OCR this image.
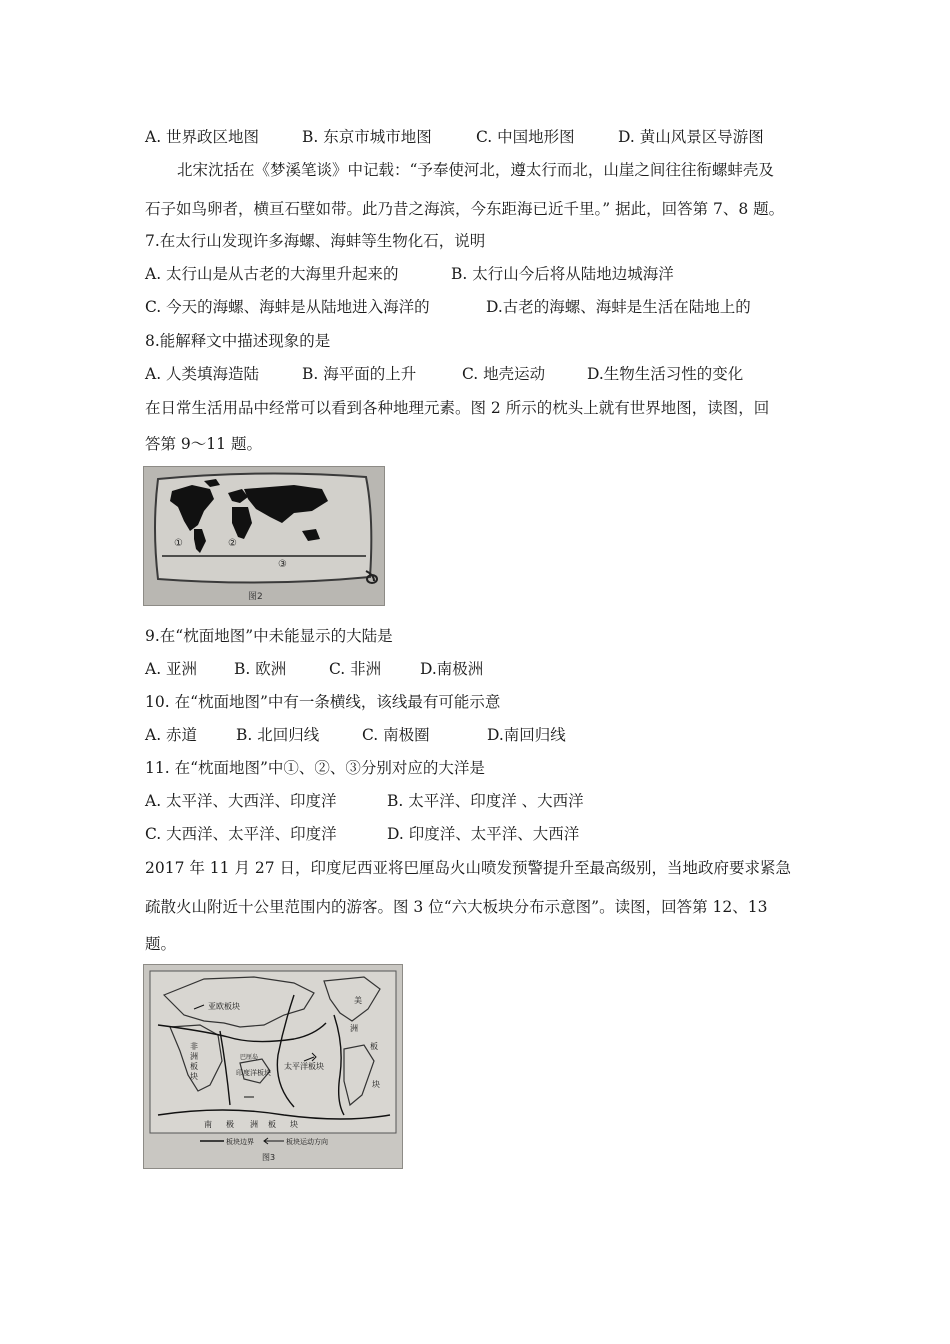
A. 世界政区地图	B. 东京市城市地图	C. 中国地形图	D. 黄山风景区导游图
北宋沈括在《梦溪笔谈》中记载：“予奉使河北，遵太行而北，山崖之间往往衔螺蚌壳及
石子如鸟卵者，横亘石壁如带。此乃昔之海滨，今东距海已近千里。” 据此，回答第 7、8 题。
7.在太行山发现许多海螺、海蚌等生物化石，说明
A. 太行山是从古老的大海里升起来的	B. 太行山今后将从陆地边城海洋
C. 今天的海螺、海蚌是从陆地进入海洋的	D.古老的海螺、海蚌是生活在陆地上的
8.能解释文中描述现象的是
A. 人类填海造陆	B. 海平面的上升	C. 地壳运动	D.生物生活习性的变化
在日常生活用品中经常可以看到各种地理元素。图 2 所示的枕头上就有世界地图，读图，回
答第 9～11 题。
①	②
③
图2
9.在“枕面地图”中未能显示的大陆是
A. 亚洲 B. 欧洲	C. 非洲	D.南极洲
10. 在“枕面地图”中有一条横线，该线最有可能示意
A. 赤道	B. 北回归线	C. 南极圈	D.南回归线
11. 在“枕面地图”中①、②、③分别对应的大洋是
A. 太平洋、大西洋、印度洋	B. 太平洋、印度洋 、大西洋
C. 大西洋、太平洋、印度洋	D. 印度洋、太平洋、大西洋
2017 年 11 月 27 日，印度尼西亚将巴厘岛火山喷发预警提升至最高级别，当地政府要求紧急
疏散火山附近十公里范围内的游客。图 3 位“六大板块分布示意图”。读图，回答第 12、13
题。
亚欧板块
太平洋板块
巴厘岛
印度洋板块
非
洲
板
块
美
洲
板
块
南 极 洲 板 块
板块边界	板块运动方向
图3
